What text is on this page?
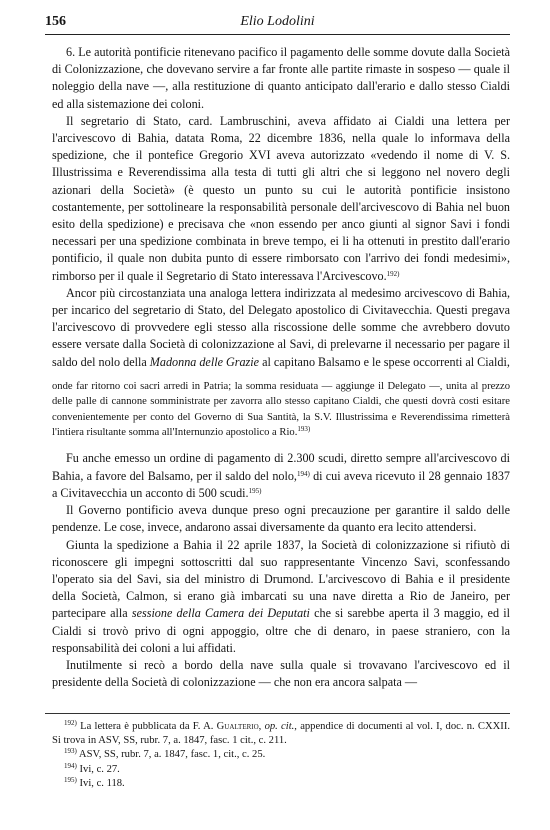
156	Elio Lodolini

6. Le autorità pontificie ritenevano pacifico il pagamento delle somme dovute dalla Società di Colonizzazione, che dovevano servire a far fronte alle partite rimaste in sospeso — quale il noleggio della nave —, alla restituzione di quanto anticipato dall'erario e dallo stesso Cialdi ed alla sistemazione dei coloni.

Il segretario di Stato, card. Lambruschini, aveva affidato ai Cialdi una lettera per l'arcivescovo di Bahia, datata Roma, 22 dicembre 1836, nella quale lo informava della spedizione, che il pontefice Gregorio XVI aveva autorizzato «vedendo il nome di V. S. Illustrissima e Reverendissima alla testa di tutti gli altri che si leggono nel novero degli azionari della Società» (è questo un punto su cui le autorità pontificie insistono costantemente, per sottolineare la responsabilità personale dell'arcivescovo di Bahia nel buon esito della spedizione) e precisava che «non essendo per anco giunti al signor Savi i fondi necessari per una spedizione combinata in breve tempo, ei li ha ottenuti in prestito dall'erario pontificio, il quale non dubita punto di essere rimborsato con l'arrivo dei fondi medesimi», rimborso per il quale il Segretario di Stato interessava l'Arcivescovo.$^{192)}$

Ancor più circostanziata una analoga lettera indirizzata al medesimo arcivescovo di Bahia, per incarico del segretario di Stato, del Delegato apostolico di Civitavecchia. Questi pregava l'arcivescovo di provvedere egli stesso alla riscossione delle somme che avrebbero dovuto essere versate dalla Società di colonizzazione al Savi, di prelevarne il necessario per pagare il saldo del nolo della Madonna delle Grazie al capitano Balsamo e le spese occorrenti al Cialdi,

onde far ritorno coi sacri arredi in Patria; la somma residuata — aggiunge il Delegato —, unita al prezzo delle palle di cannone somministrate per zavorra allo stesso capitano Cialdi, che questi dovrà costi esitare convenientemente per conto del Governo di Sua Santità, la S.V. Illustrissima e Reverendissima rimetterà l'intiera risultante somma all'Internunzio apostolico a Rio.$^{193)}$

Fu anche emesso un ordine di pagamento di 2.300 scudi, diretto sempre all'arcivescovo di Bahia, a favore del Balsamo, per il saldo del nolo,$^{194)}$ di cui aveva ricevuto il 28 gennaio 1837 a Civitavecchia un acconto di 500 scudi.$^{195)}$

Il Governo pontificio aveva dunque preso ogni precauzione per garantire il saldo delle pendenze. Le cose, invece, andarono assai diversamente da quanto era lecito attendersi.

Giunta la spedizione a Bahia il 22 aprile 1837, la Società di colonizzazione si rifiutò di riconoscere gli impegni sottoscritti dal suo rappresentante Vincenzo Savi, sconfessando l'operato sia del Savi, sia del ministro di Drumond. L'arcivescovo di Bahia e il presidente della Società, Calmon, si erano già imbarcati su una nave diretta a Rio de Janeiro, per partecipare alla sessione della Camera dei Deputati che si sarebbe aperta il 3 maggio, ed il Cialdi si trovò privo di ogni appoggio, oltre che di denaro, in paese straniero, con la responsabilità dei coloni a lui affidati.

Inutilmente si recò a bordo della nave sulla quale si trovavano l'arcivescovo ed il presidente della Società di colonizzazione — che non era ancora salpata —

$^{192)}$ La lettera è pubblicata da F. A. Gualterio, op. cit., appendice di documenti al vol. I, doc. n. CXXII. Si trova in ASV, SS, rubr. 7, a. 1847, fasc. 1 cit., c. 211.

$^{193)}$ ASV, SS, rubr. 7, a. 1847, fasc. 1, cit., c. 25.

$^{194)}$ Ivi, c. 27.

$^{195)}$ Ivi, c. 118.
